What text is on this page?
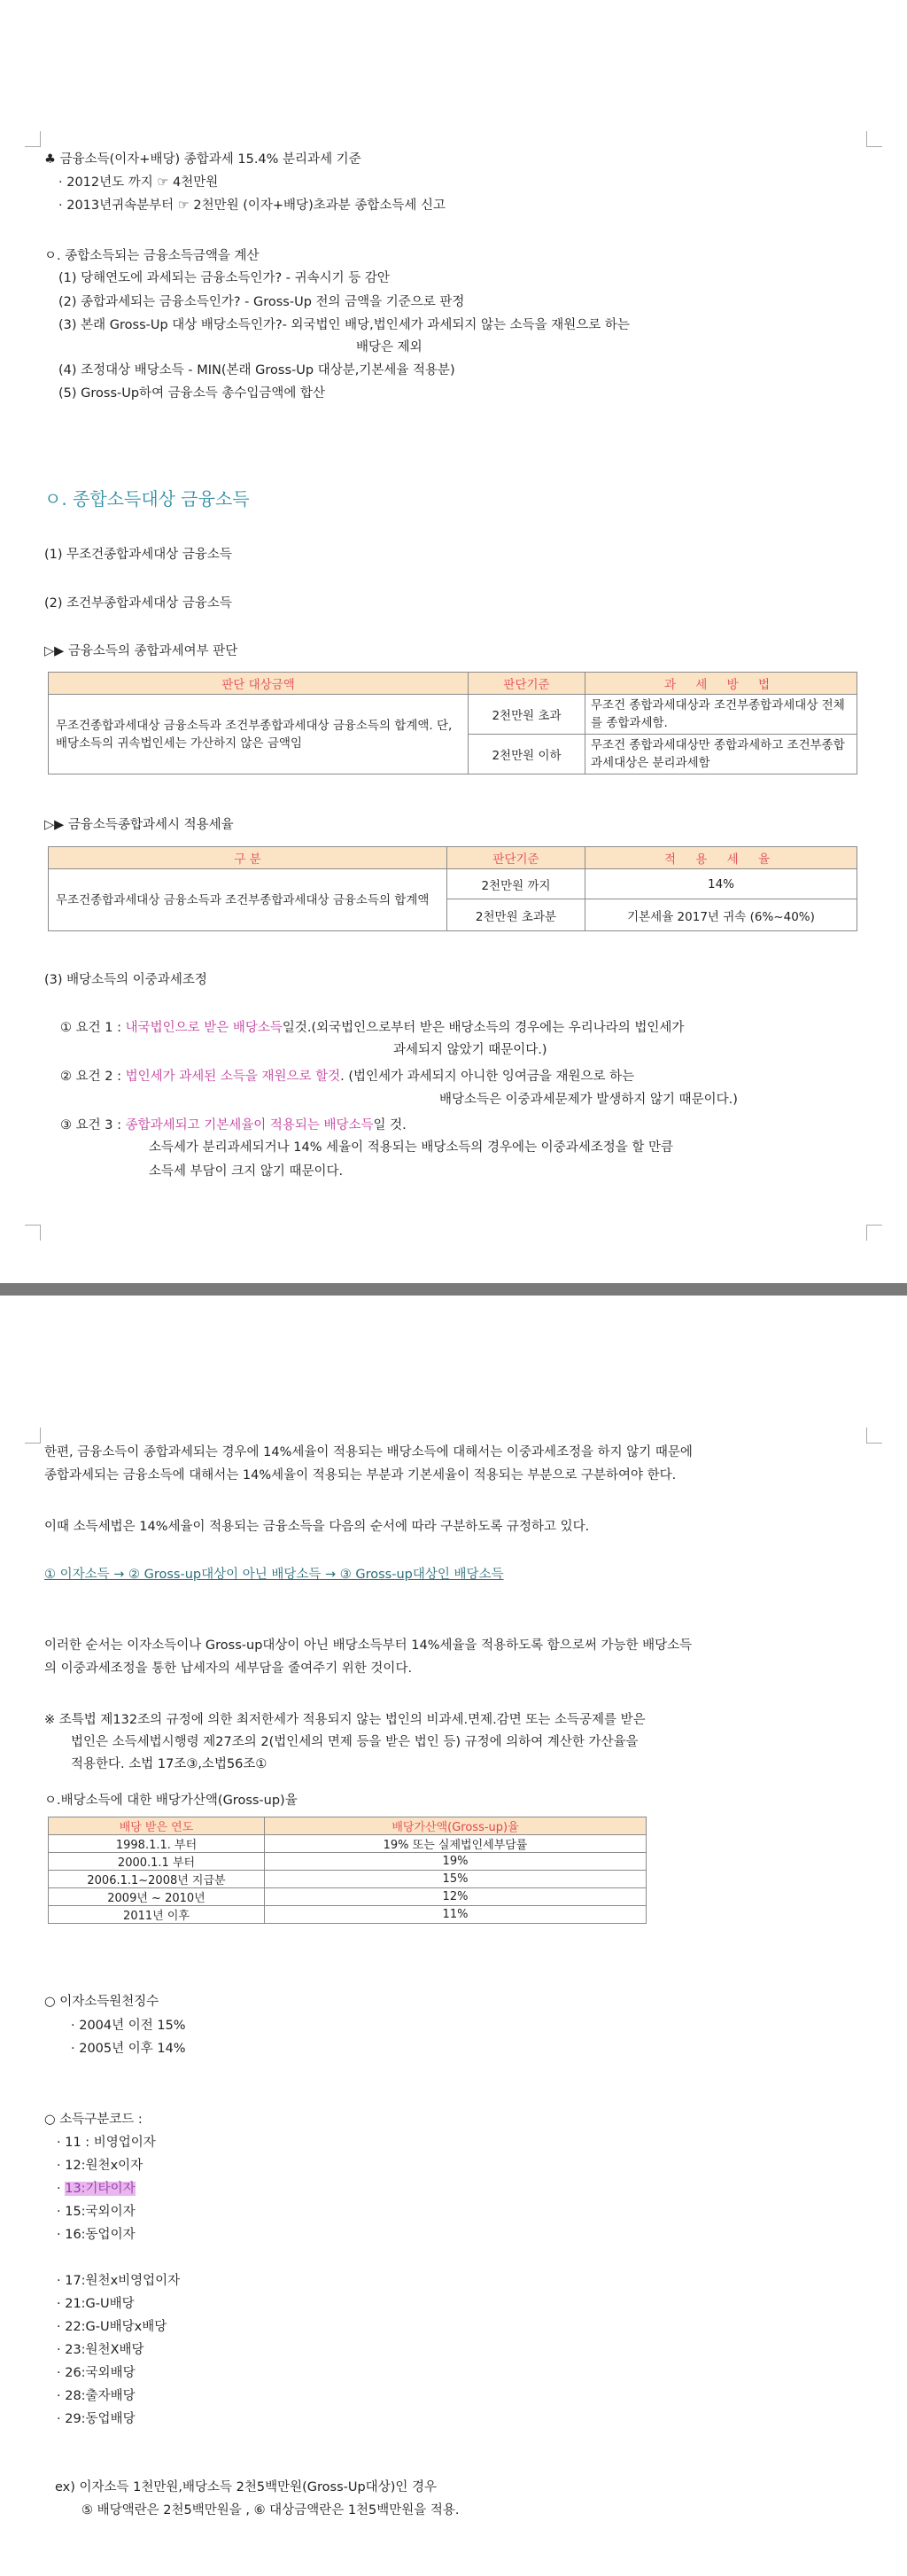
♣ 금융소득(이자+배당) 종합과세 15.4% 분리과세 기준
· 2012년도 까지 ☞ 4천만원
· 2013년귀속분부터 ☞ 2천만원 (이자+배당)초과분 종합소득세 신고
ㅇ. 종합소득되는 금융소득금액을 계산
(1) 당해연도에 과세되는 금융소득인가? - 귀속시기 등 감안
(2) 종합과세되는 금융소득인가? - Gross-Up 전의 금액을 기준으로 판정
(3) 본래 Gross-Up 대상 배당소득인가?- 외국법인 배당,법인세가 과세되지 않는 소득을 재원으로 하는
배당은 제외
(4) 조정대상 배당소득 - MIN(본래 Gross-Up 대상분,기본세율 적용분)
(5) Gross-Up하여 금융소득 총수입금액에 합산
ㅇ. 종합소득대상 금융소득
(1) 무조건종합과세대상 금융소득
(2) 조건부종합과세대상 금융소득
▷▶ 금융소득의 종합과세여부 판단
판단 대상금액	판단기준	과 세 방 법
무조건종합과세대상 금융소득과 조건부종합과세대상 금융소득의 합계액. 단,배당소득의 귀속법인세는 가산하지 않은 금액임	2천만원 초과	무조건 종합과세대상과 조건부종합과세대상 전체를 종합과세함.
	2천만원 이하	무조건 종합과세대상만 종합과세하고 조건부종합과세대상은 분리과세함
▷▶ 금융소득종합과세시 적용세율
구 분	판단기준	적 용 세 율
무조건종합과세대상 금융소득과 조건부종합과세대상 금융소득의 합계액	2천만원 까지	14%
	2천만원 초과분	기본세율 2017년 귀속 (6%~40%)
(3) 배당소득의 이중과세조정
① 요건 1 : 내국법인으로 받은 배당소득일것.(외국법인으로부터 받은 배당소득의 경우에는 우리나라의 법인세가
과세되지 않았기 때문이다.)
② 요건 2 : 법인세가 과세된 소득을 재원으로 할것. (법인세가 과세되지 아니한 잉여금을 재원으로 하는
배당소득은 이중과세문제가 발생하지 않기 때문이다.)
③ 요건 3 : 종합과세되고 기본세율이 적용되는 배당소득일 것.
소득세가 분리과세되거나 14% 세율이 적용되는 배당소득의 경우에는 이중과세조정을 할 만큼
소득세 부담이 크지 않기 때문이다.
한편, 금융소득이 종합과세되는 경우에 14%세율이 적용되는 배당소득에 대해서는 이중과세조정을 하지 않기 때문에
종합과세되는 금융소득에 대해서는 14%세율이 적용되는 부분과 기본세율이 적용되는 부분으로 구분하여야 한다.
이때 소득세법은 14%세율이 적용되는 금융소득을 다음의 순서에 따라 구분하도록 규정하고 있다.
① 이자소득 → ② Gross-up대상이 아닌 배당소득 → ③ Gross-up대상인 배당소득
이러한 순서는 이자소득이나 Gross-up대상이 아닌 배당소득부터 14%세율을 적용하도록 함으로써 가능한 배당소득
의 이중과세조정을 통한 납세자의 세부담을 줄여주기 위한 것이다.
※ 조특법 제132조의 규정에 의한 최저한세가 적용되지 않는 법인의 비과세.면제.감면 또는 소득공제를 받은
법인은 소득세법시행령 제27조의 2(법인세의 면제 등을 받은 법인 등) 규정에 의하여 계산한 가산율을
적용한다. 소법 17조③,소법56조①
ㅇ.배당소득에 대한 배당가산액(Gross-up)율
배당 받은 연도	배당가산액(Gross-up)율
1998.1.1. 부터	19% 또는 실제법인세부담률
2000.1.1 부터	19%
2006.1.1~2008년 지급분	15%
2009년 ~ 2010년	12%
2011년 이후	11%
○ 이자소득원천징수
· 2004년 이전 15%
· 2005년 이후 14%
○ 소득구분코드 :
· 11 : 비영업이자
· 12:원천x이자
· 13:기타이자
· 15:국외이자
· 16:동업이자
· 17:원천x비영업이자
· 21:G-U배당
· 22:G-U배당x배당
· 23:원천X배당
· 26:국외배당
· 28:출자배당
· 29:동업배당
ex) 이자소득 1천만원,배당소득 2천5백만원(Gross-Up대상)인 경우
⑤ 배당액란은 2천5백만원을 , ⑥ 대상금액란은 1천5백만원을 적용.
